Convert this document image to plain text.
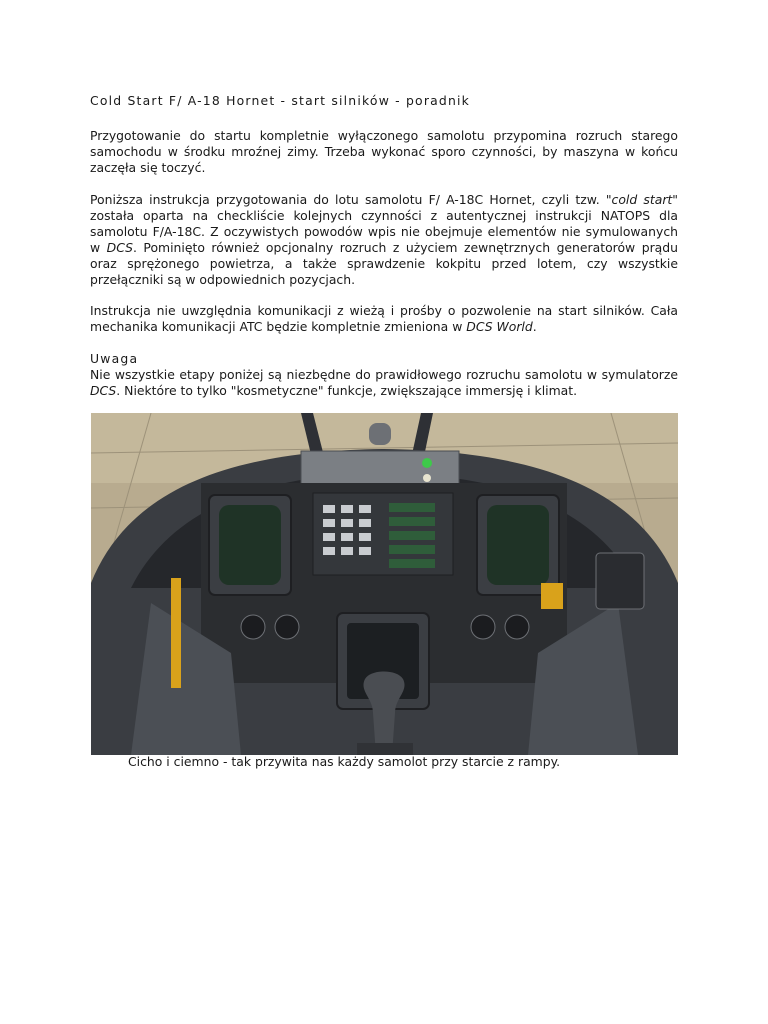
Cold Start F/ A-18 Hornet - start silników - poradnik

Przygotowanie do startu kompletnie wyłączonego samolotu przypomina rozruch starego samochodu w środku mroźnej zimy. Trzeba wykonać sporo czynności, by maszyna w końcu zaczęła się toczyć.

Poniższa instrukcja przygotowania do lotu samolotu F/ A-18C Hornet, czyli tzw. "cold start" została oparta na checkliście kolejnych czynności z autentycznej instrukcji NATOPS dla samolotu F/A-18C. Z oczywistych powodów wpis nie obejmuje elementów nie symulowanych w DCS. Pominięto również opcjonalny rozruch z użyciem zewnętrznych generatorów prądu oraz sprężonego powietrza, a także sprawdzenie kokpitu przed lotem, czy wszystkie przełączniki są w odpowiednich pozycjach.

Instrukcja nie uwzględnia komunikacji z wieżą i prośby o pozwolenie na start silników. Cała mechanika komunikacji ATC będzie kompletnie zmieniona w DCS World.

Uwaga

Nie wszystkie etapy poniżej są niezbędne do prawidłowego rozruchu samolotu w symulatorze DCS. Niektóre to tylko "kosmetyczne" funkcje, zwiększające immersję i klimat.

Cicho i ciemno - tak przywita nas każdy samolot przy starcie z rampy.
